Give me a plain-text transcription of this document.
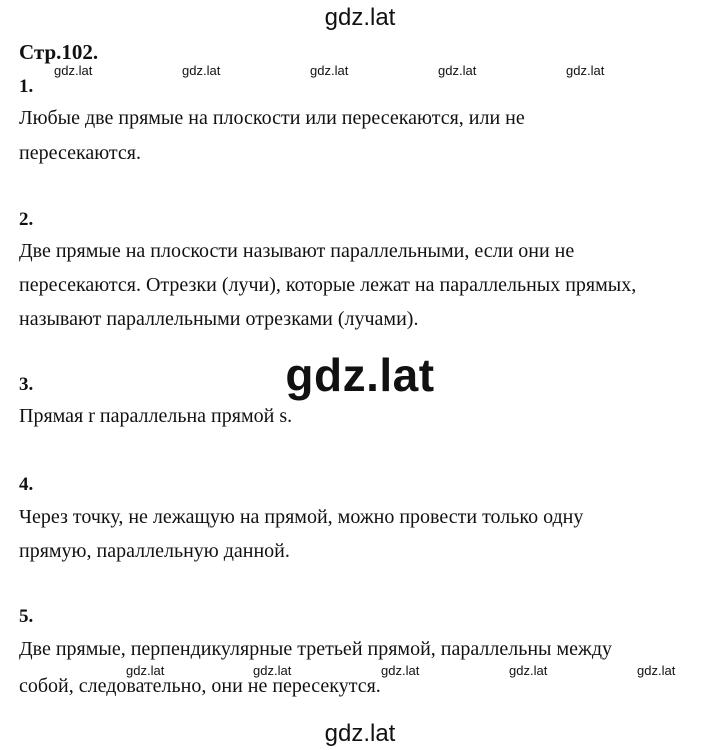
gdz.lat
Стр.102.
gdz.lat	gdz.lat	gdz.lat	gdz.lat	gdz.lat
1.
Любые две прямые на плоскости или пересекаются, или не
пересекаются.
2.
Две прямые на плоскости называют параллельными, если они не
пересекаются. Отрезки (лучи), которые лежат на параллельных прямых,
называют параллельными отрезками (лучами).
gdz.lat
3.
Прямая r параллельна прямой s.
4.
Через точку, не лежащую на прямой, можно провести только одну
прямую, параллельную данной.
5.
Две прямые, перпендикулярные третьей прямой, параллельны между
gdz.lat	gdz.lat	gdz.lat	gdz.lat	gdz.lat
собой, следовательно, они не пересекутся.
gdz.lat
